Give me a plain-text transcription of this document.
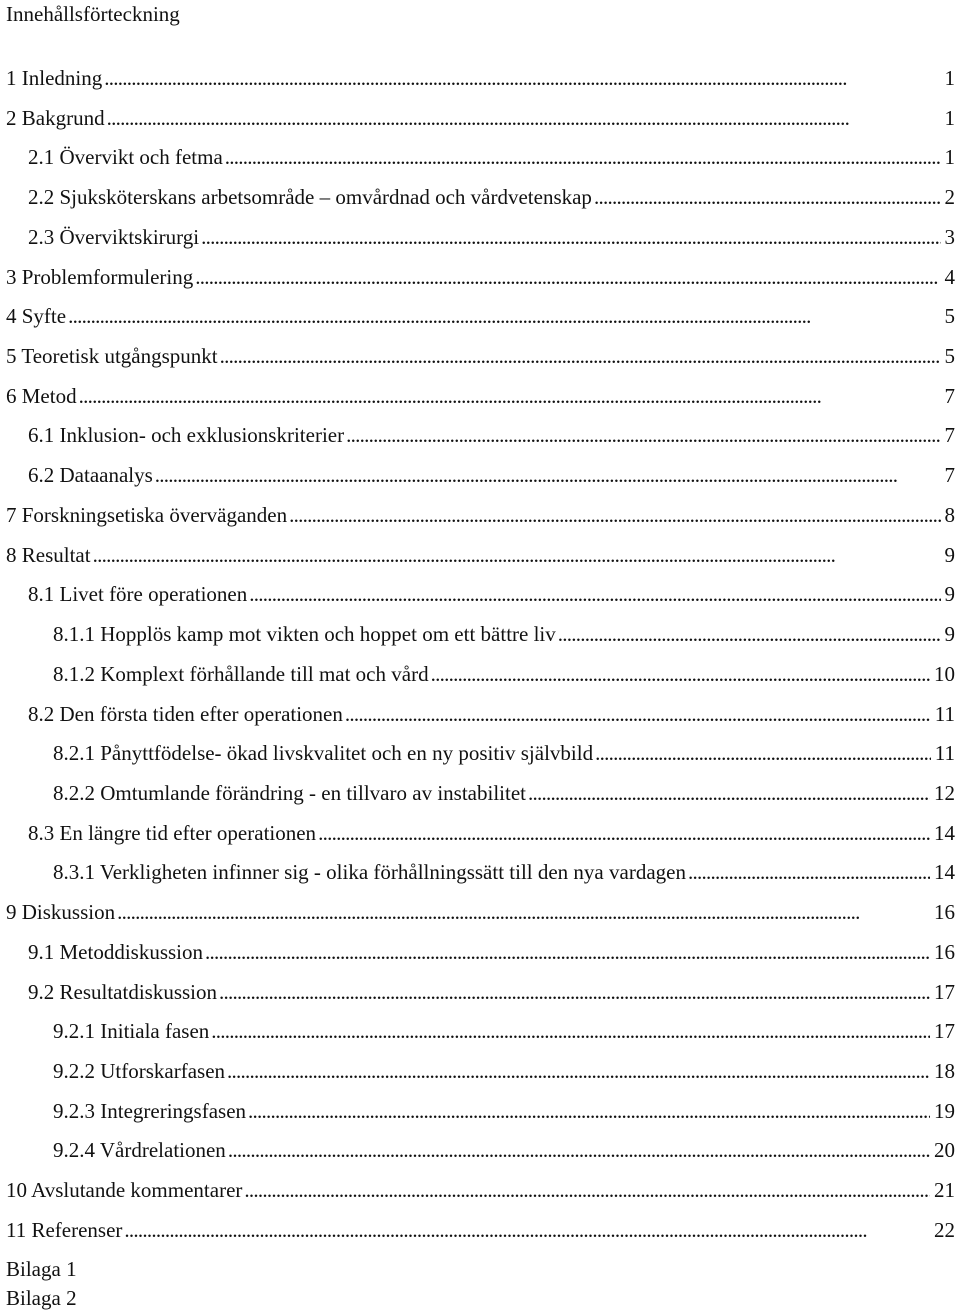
Innehållsförteckning
1 Inledning . . .	1
2 Bakgrund . . .	1
2.1 Övervikt och fetma . . .	1
2.2 Sjuksköterskans arbetsområde – omvårdnad och vårdvetenskap . . .	2
2.3 Överviktskirurgi . . .	3
3 Problemformulering . . .	4
4 Syfte . . .	5
5 Teoretisk utgångspunkt . . .	5
6 Metod . . .	7
6.1 Inklusion- och exklusionskriterier . . .	7
6.2 Dataanalys . . .	7
7 Forskningsetiska överväganden . . .	8
8 Resultat . . .	9
8.1 Livet före operationen . . .	9
8.1.1 Hopplös kamp mot vikten och hoppet om ett bättre liv . . .	9
8.1.2 Komplext förhållande till mat och vård . . .	10
8.2 Den första tiden efter operationen . . .	11
8.2.1 Pånyttfödelse- ökad livskvalitet och en ny positiv självbild . . .	11
8.2.2 Omtumlande förändring - en tillvaro av instabilitet . . .	12
8.3 En längre tid efter operationen . . .	14
8.3.1 Verkligheten infinner sig - olika förhållningssätt till den nya vardagen . . .	14
9 Diskussion . . .	16
9.1 Metoddiskussion . . .	16
9.2 Resultatdiskussion . . .	17
9.2.1 Initiala fasen . . .	17
9.2.2 Utforskarfasen . . .	18
9.2.3 Integreringsfasen . . .	19
9.2.4 Vårdrelationen . . .	20
10 Avslutande kommentarer . . .	21
11 Referenser . . .	22
Bilaga 1
Bilaga 2
